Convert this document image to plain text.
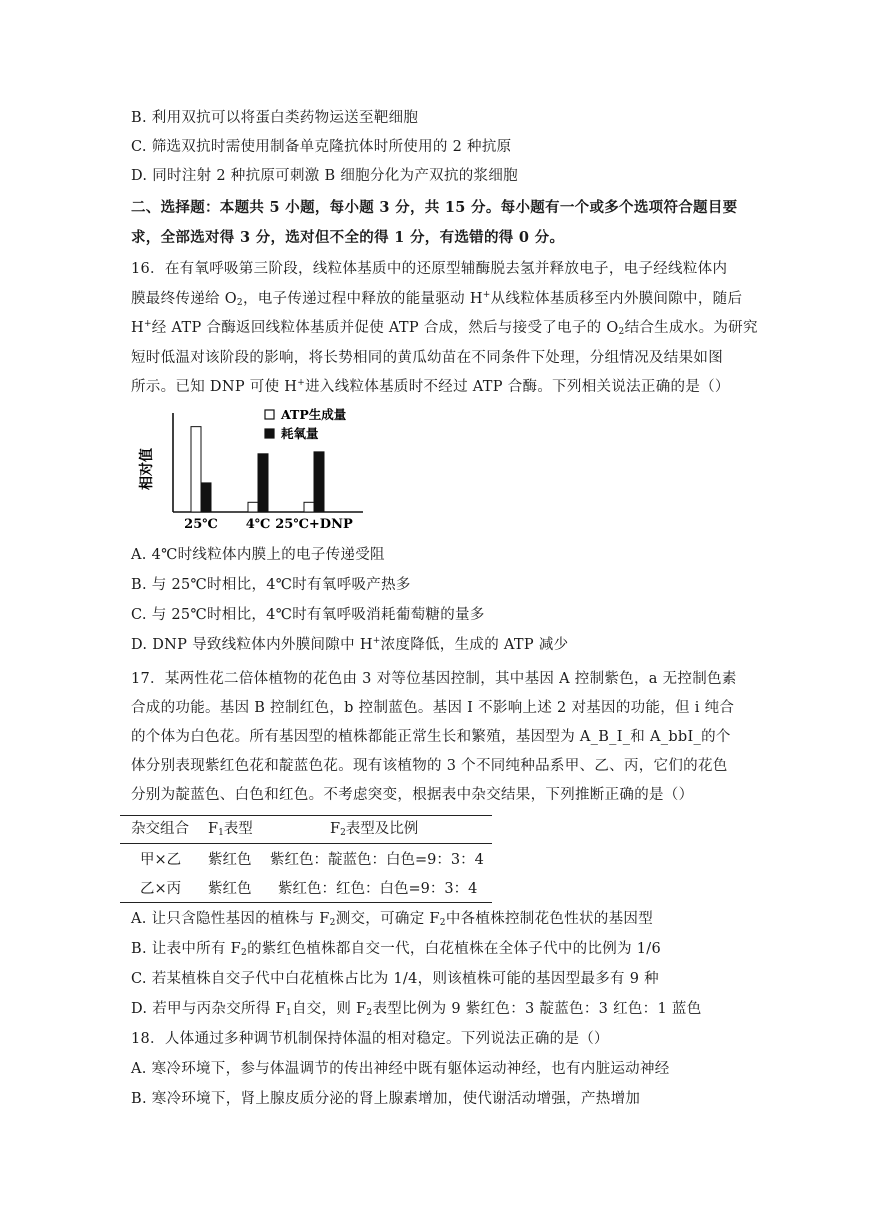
B. 利用双抗可以将蛋白类药物运送至靶细胞
C. 筛选双抗时需使用制备单克隆抗体时所使用的 2 种抗原
D. 同时注射 2 种抗原可刺激 B 细胞分化为产双抗的浆细胞
二、选择题：本题共 5 小题，每小题 3 分，共 15 分。每小题有一个或多个选项符合题目要
求，全部选对得 3 分，选对但不全的得 1 分，有选错的得 0 分。
16．在有氧呼吸第三阶段，线粒体基质中的还原型辅酶脱去氢并释放电子，电子经线粒体内
膜最终传递给 $O_2$，电子传递过程中释放的能量驱动 H+从线粒体基质移至内外膜间隙中，随后
H+经 ATP 合酶返回线粒体基质并促使 ATP 合成，然后与接受了电子的 $O_2$结合生成水。为研究
短时低温对该阶段的影响，将长势相同的黄瓜幼苗在不同条件下处理，分组情况及结果如图
所示。已知 DNP 可使 H+进入线粒体基质时不经过 ATP 合酶。下列相关说法正确的是（）
相对值
25℃ 4℃ 25℃+DNP
ATP生成量
耗氧量
A. 4℃时线粒体内膜上的电子传递受阻
B. 与 25℃时相比，4℃时有氧呼吸产热多
C. 与 25℃时相比，4℃时有氧呼吸消耗葡萄糖的量多
D. DNP 导致线粒体内外膜间隙中 H+浓度降低，生成的 ATP 减少
17．某两性花二倍体植物的花色由 3 对等位基因控制，其中基因 A 控制紫色，a 无控制色素
合成的功能。基因 B 控制红色，b 控制蓝色。基因 I 不影响上述 2 对基因的功能，但 i 纯合
的个体为白色花。所有基因型的植株都能正常生长和繁殖，基因型为 A_B_I_和 A_bbI_的个
体分别表现紫红色花和靛蓝色花。现有该植物的 3 个不同纯种品系甲、乙、丙，它们的花色
分别为靛蓝色、白色和红色。不考虑突变，根据表中杂交结果，下列推断正确的是（）
杂交组合 $F_1$表型	$F_2$表型及比例
甲×乙 紫红色 紫红色：靛蓝色：白色=9：3：4
乙×丙 紫红色 紫红色：红色：白色=9：3：4
A. 让只含隐性基因的植株与 $F_2$测交，可确定 $F_2$中各植株控制花色性状的基因型
B. 让表中所有 $F_2$的紫红色植株都自交一代，白花植株在全体子代中的比例为 1/6
C. 若某植株自交子代中白花植株占比为 1/4，则该植株可能的基因型最多有 9 种
D. 若甲与丙杂交所得 $F_1$自交，则 $F_2$表型比例为 9 紫红色：3 靛蓝色：3 红色：1 蓝色
18．人体通过多种调节机制保持体温的相对稳定。下列说法正确的是（）
A. 寒冷环境下，参与体温调节的传出神经中既有躯体运动神经，也有内脏运动神经
B. 寒冷环境下，肾上腺皮质分泌的肾上腺素增加，使代谢活动增强，产热增加
